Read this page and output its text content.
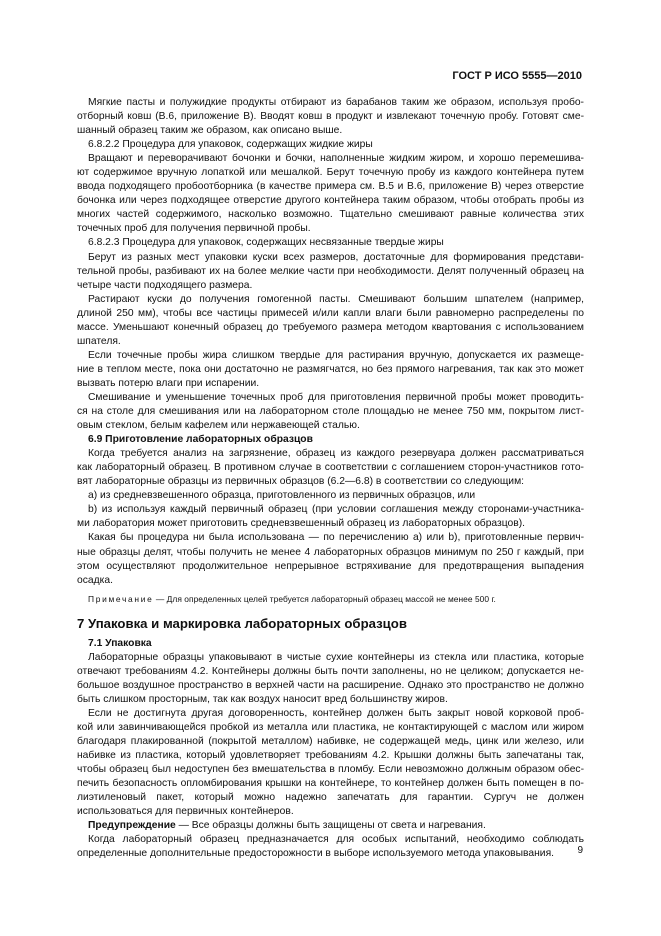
ГОСТ Р ИСО 5555—2010
Мягкие пасты и полужидкие продукты отбирают из барабанов таким же образом, используя пробо-
отборный ковш (В.6, приложение В). Вводят ковш в продукт и извлекают точечную пробу. Готовят сме-
шанный образец таким же образом, как описано выше.
6.8.2.2 Процедура для упаковок, содержащих жидкие жиры
Вращают и переворачивают бочонки и бочки, наполненные жидким жиром, и хорошо перемешива-
ют содержимое вручную лопаткой или мешалкой. Берут точечную пробу из каждого контейнера путем
ввода подходящего пробоотборника (в качестве примера см. В.5 и В.6, приложение В) через отверстие
бочонка или через подходящее отверстие другого контейнера таким образом, чтобы отобрать пробы из
многих частей содержимого, насколько возможно. Тщательно смешивают равные количества этих
точечных проб для получения первичной пробы.
6.8.2.3 Процедура для упаковок, содержащих несвязанные твердые жиры
Берут из разных мест упаковки куски всех размеров, достаточные для формирования представи-
тельной пробы, разбивают их на более мелкие части при необходимости. Делят полученный образец на
четыре части подходящего размера.
Растирают куски до получения гомогенной пасты. Смешивают большим шпателем (например,
длиной 250 мм), чтобы все частицы примесей и/или капли влаги были равномерно распределены по
массе. Уменьшают конечный образец до требуемого размера методом квартования с использованием
шпателя.
Если точечные пробы жира слишком твердые для растирания вручную, допускается их размеще-
ние в теплом месте, пока они достаточно не размягчатся, но без прямого нагревания, так как это может
вызвать потерю влаги при испарении.
Смешивание и уменьшение точечных проб для приготовления первичной пробы может проводить-
ся на столе для смешивания или на лабораторном столе площадью не менее 750 мм, покрытом лист-
овым стеклом, белым кафелем или нержавеющей сталью.
6.9 Приготовление лабораторных образцов
Когда требуется анализ на загрязнение, образец из каждого резервуара должен рассматриваться
как лабораторный образец. В противном случае в соответствии с соглашением сторон-участников гото-
вят лабораторные образцы из первичных образцов (6.2—6.8) в соответствии со следующим:
a) из средневзвешенного образца, приготовленного из первичных образцов, или
b) из используя каждый первичный образец (при условии соглашения между сторонами-участника-
ми лаборатория может приготовить средневзвешенный образец из лабораторных образцов).
Какая бы процедура ни была использована — по перечислению a) или b), приготовленные первич-
ные образцы делят, чтобы получить не менее 4 лабораторных образцов минимум по 250 г каждый, при
этом осуществляют продолжительное непрерывное встряхивание для предотвращения выпадения
осадка.
Примечание — Для определенных целей требуется лабораторный образец массой не менее 500 г.
7 Упаковка и маркировка лабораторных образцов
7.1 Упаковка
Лабораторные образцы упаковывают в чистые сухие контейнеры из стекла или пластика, которые
отвечают требованиям 4.2. Контейнеры должны быть почти заполнены, но не целиком; допускается не-
большое воздушное пространство в верхней части на расширение. Однако это пространство не должно
быть слишком просторным, так как воздух наносит вред большинству жиров.
Если не достигнута другая договоренность, контейнер должен быть закрыт новой корковой проб-
кой или завинчивающейся пробкой из металла или пластика, не контактирующей с маслом или жиром
благодаря плакированной (покрытой металлом) набивке, не содержащей медь, цинк или железо, или
набивке из пластика, который удовлетворяет требованиям 4.2. Крышки должны быть запечатаны так,
чтобы образец был недоступен без вмешательства в пломбу. Если невозможно должным образом обес-
печить безопасность опломбирования крышки на контейнере, то контейнер должен быть помещен в по-
лиэтиленовый пакет, который можно надежно запечатать для гарантии. Сургуч не должен
использоваться для первичных контейнеров.
Предупреждение — Все образцы должны быть защищены от света и нагревания.
Когда лабораторный образец предназначается для особых испытаний, необходимо соблюдать
определенные дополнительные предосторожности в выборе используемого метода упаковывания.	9
